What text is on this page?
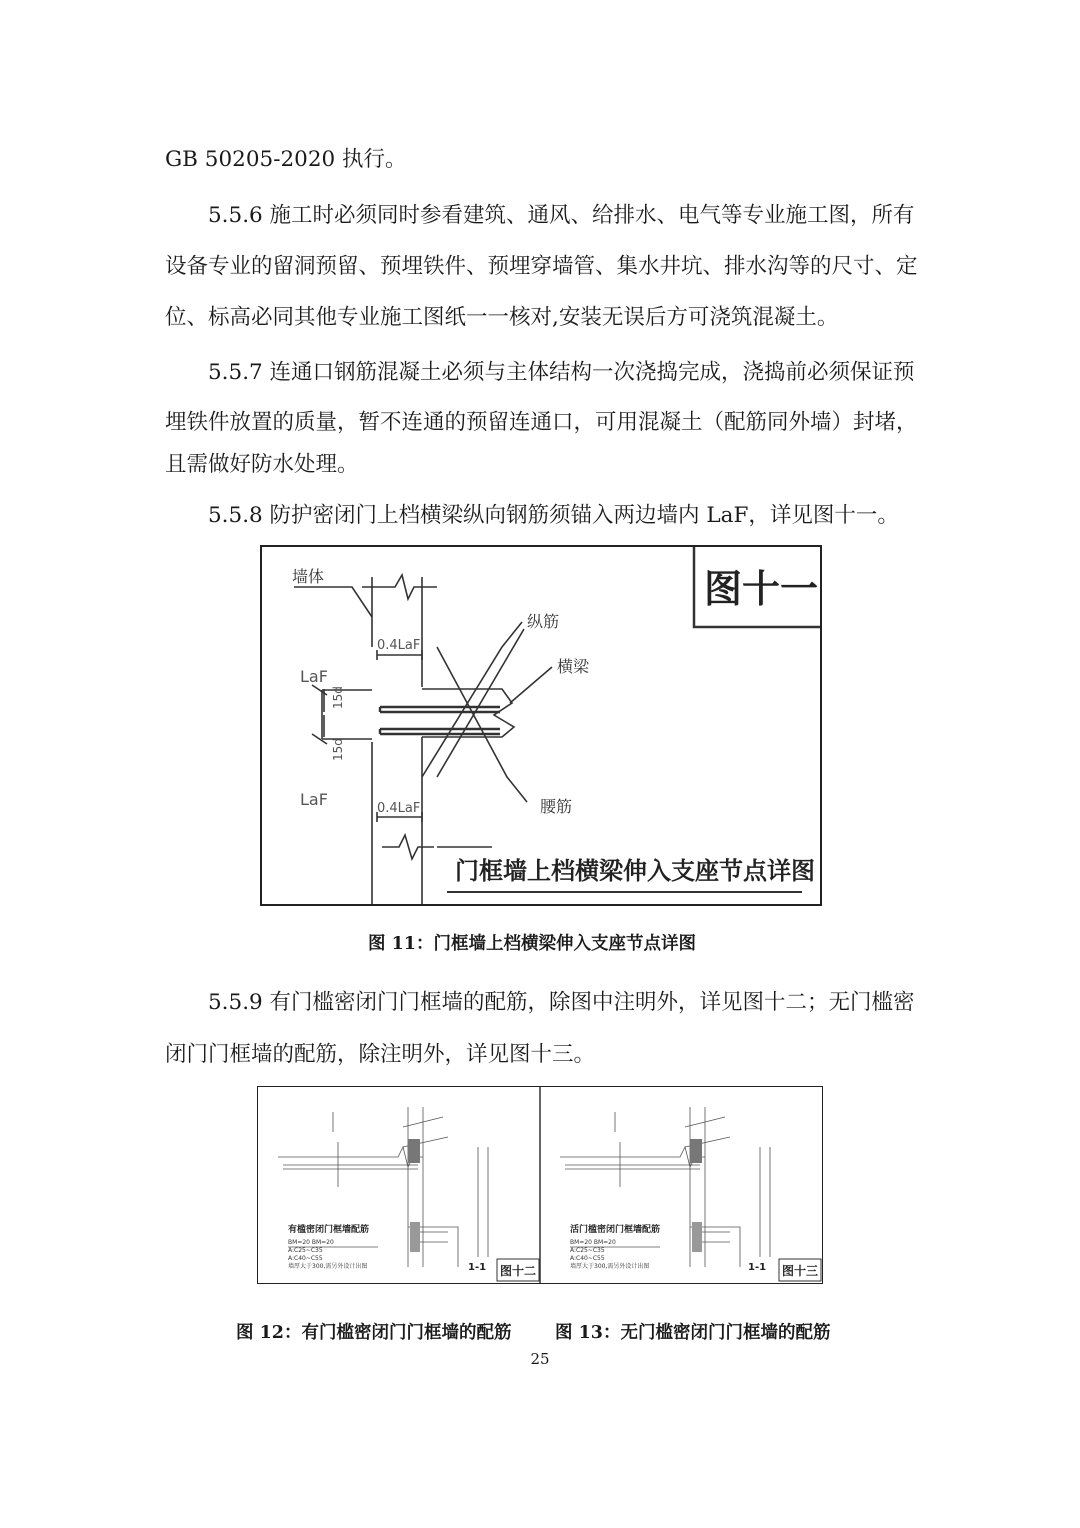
GB 50205-2020 执行。
5.5.6 施工时必须同时参看建筑、通风、给排水、电气等专业施工图，所有
设备专业的留洞预留、预埋铁件、预埋穿墙管、集水井坑、排水沟等的尺寸、定
位、标高必同其他专业施工图纸一一核对,安装无误后方可浇筑混凝土。
5.5.7 连通口钢筋混凝土必须与主体结构一次浇捣完成，浇捣前必须保证预
埋铁件放置的质量，暂不连通的预留连通口，可用混凝土（配筋同外墙）封堵，
且需做好防水处理。
5.5.8 防护密闭门上档横梁纵向钢筋须锚入两边墙内 LaF，详见图十一。
图十一
墙体
纵筋
横梁
腰筋
LaF
LaF
0.4LaF
0.4LaF
15d
15d
门框墙上档横梁伸入支座节点详图
图 11：门框墙上档横梁伸入支座节点详图
5.5.9 有门槛密闭门门框墙的配筋，除图中注明外，详见图十二；无门槛密
闭门门框墙的配筋，除注明外，详见图十三。
有槛密闭门框墙配筋
BM=20 BM=20
A:C25~C35
A:C40~C55
墙厚大于300,需另外设计出图	1-1 图十二
活门槛密闭门框墙配筋
BM=20 BM=20
A:C25~C35
A:C40~C55
墙厚大于300,需另外设计出图	1-1 图十三
图 12：有门槛密闭门门框墙的配筋 图 13：无门槛密闭门门框墙的配筋
25
